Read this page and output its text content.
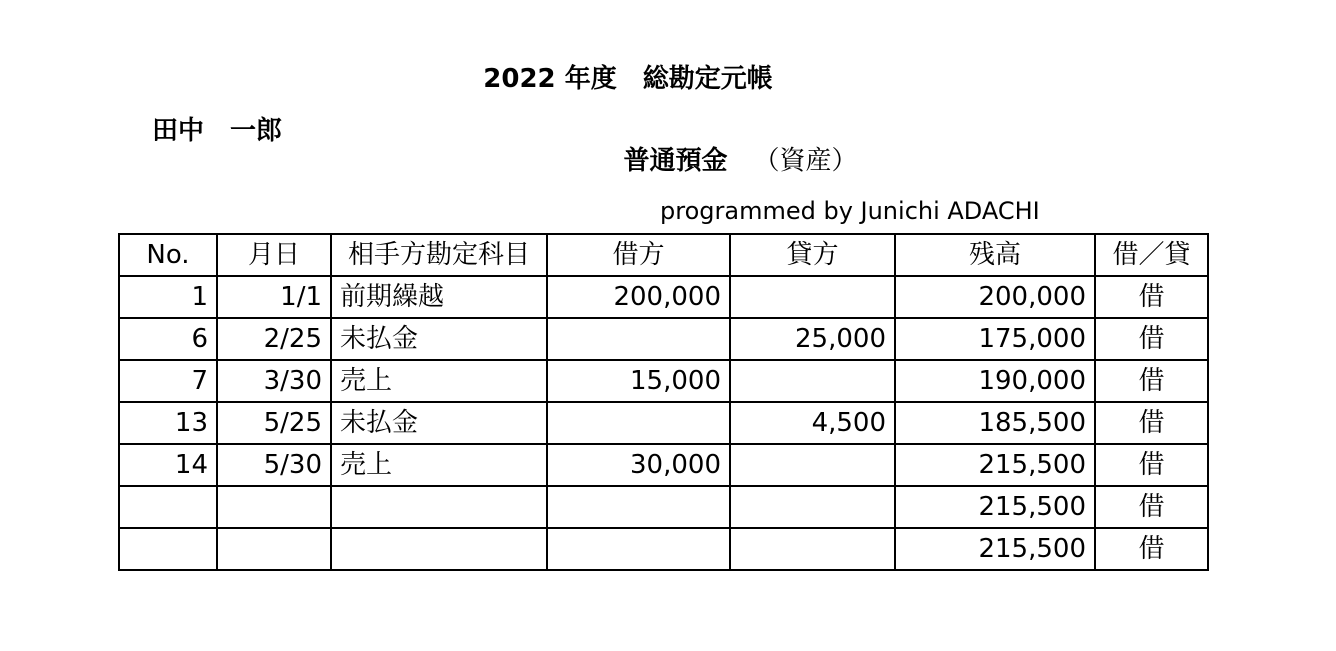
2022 年度　総勘定元帳
田中　一郎

普通預金 （資産）

programmed by Junichi ADACHI
No.	月日	相手方勘定科目	借方	貸方	残高	借／貸
1	1/1	前期繰越	200,000		200,000	借
6	2/25	未払金		25,000	175,000	借
7	3/30	売上	15,000		190,000	借
13	5/25	未払金		4,500	185,500	借
14	5/30	売上	30,000		215,500	借
					215,500	借
					215,500	借
